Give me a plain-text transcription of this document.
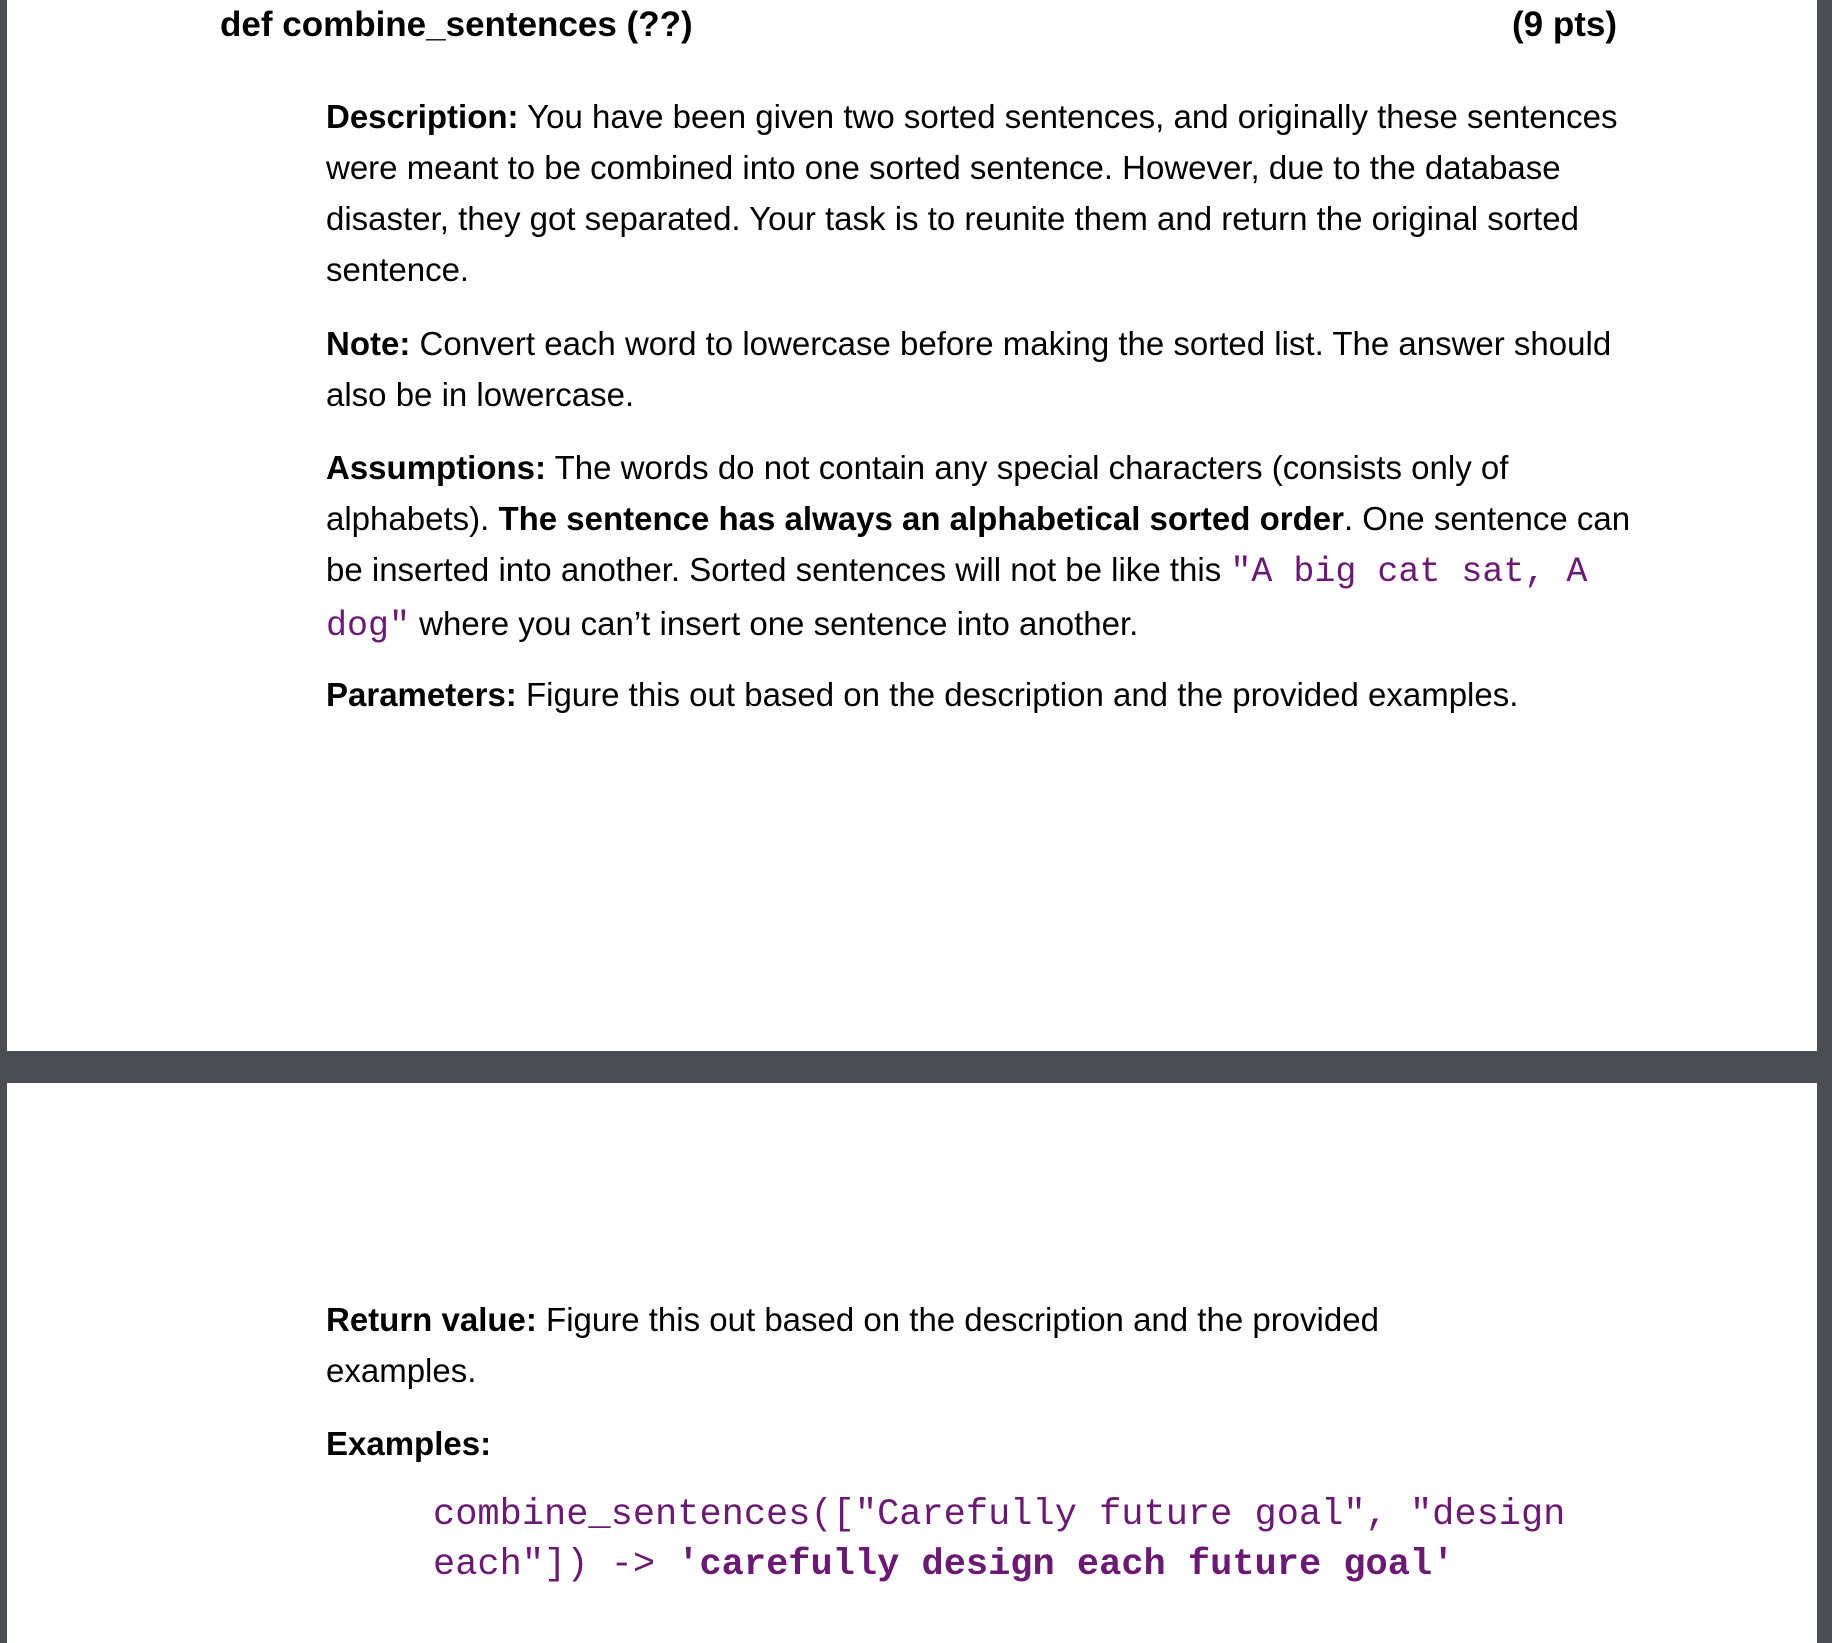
def combine_sentences (??)	(9 pts)
Description: You have been given two sorted sentences, and originally these sentences were meant to be combined into one sorted sentence. However, due to the database disaster, they got separated. Your task is to reunite them and return the original sorted sentence.
Note: Convert each word to lowercase before making the sorted list. The answer should also be in lowercase.
Assumptions: The words do not contain any special characters (consists only of alphabets). The sentence has always an alphabetical sorted order. One sentence can be inserted into another. Sorted sentences will not be like this "A big cat sat, A dog" where you can’t insert one sentence into another.
Parameters: Figure this out based on the description and the provided examples.
Return value: Figure this out based on the description and the provided examples.
Examples:
combine_sentences(["Carefully future goal", "design each"]) -> 'carefully design each future goal'
